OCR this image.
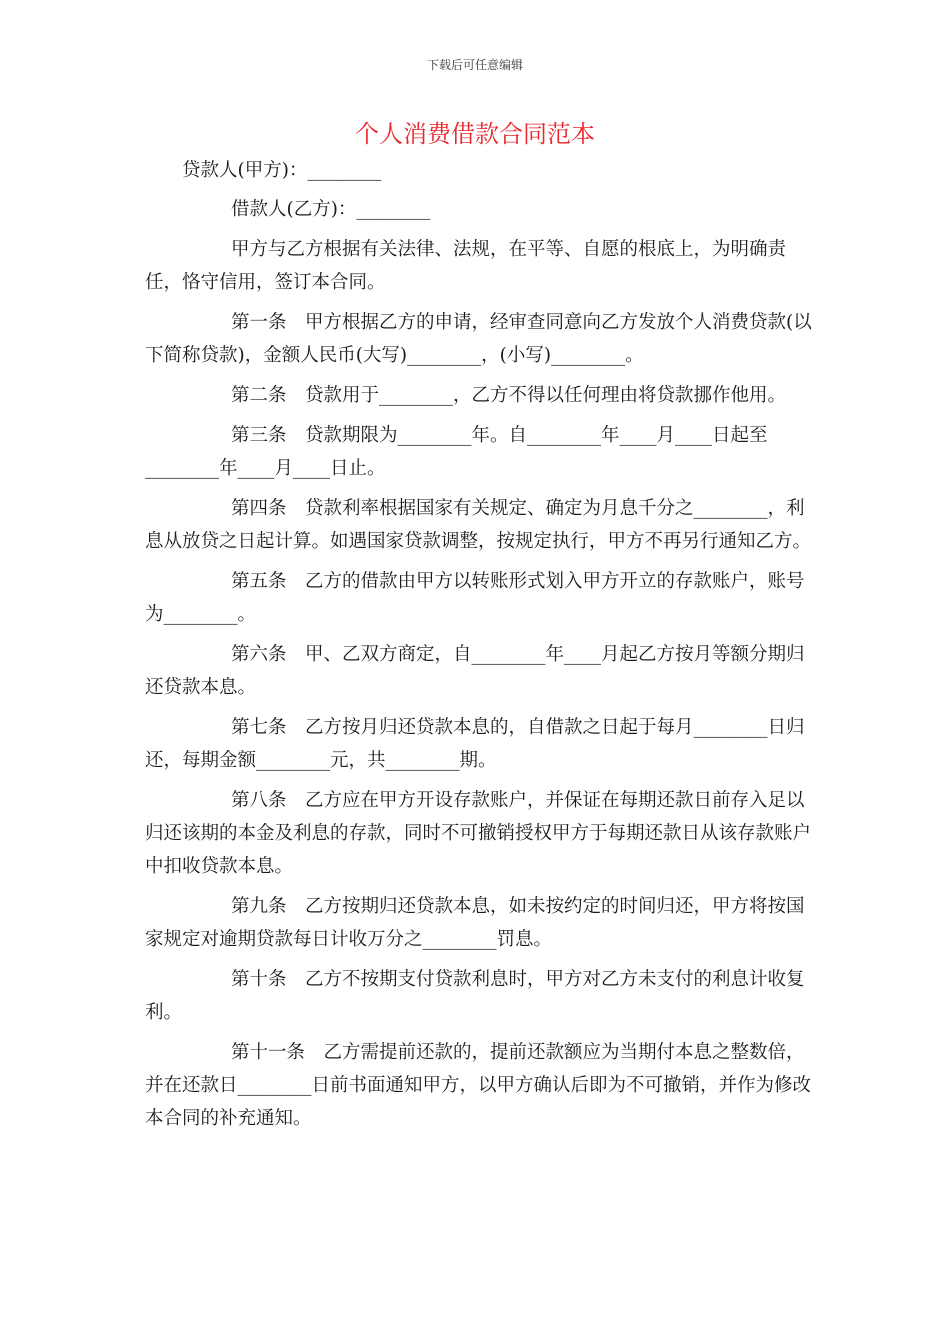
下载后可任意编辑
个人消费借款合同范本
贷款人(甲方)：________

借款人(乙方)：________

甲方与乙方根据有关法律、法规，在平等、自愿的根底上，为明确责任，恪守信用，签订本合同。

第一条　甲方根据乙方的申请，经审查同意向乙方发放个人消费贷款(以下简称贷款)，金额人民币(大写)________，(小写)________。

第二条　贷款用于________，乙方不得以任何理由将贷款挪作他用。

第三条　贷款期限为________年。自________年____月____日起至________年____月____日止。

第四条　贷款利率根据国家有关规定、确定为月息千分之________，利息从放贷之日起计算。如遇国家贷款调整，按规定执行，甲方不再另行通知乙方。

第五条　乙方的借款由甲方以转账形式划入甲方开立的存款账户，账号为________。

第六条　甲、乙双方商定，自________年____月起乙方按月等额分期归还贷款本息。

第七条　乙方按月归还贷款本息的，自借款之日起于每月________日归还，每期金额________元，共________期。

第八条　乙方应在甲方开设存款账户，并保证在每期还款日前存入足以归还该期的本金及利息的存款，同时不可撤销授权甲方于每期还款日从该存款账户中扣收贷款本息。

第九条　乙方按期归还贷款本息，如未按约定的时间归还，甲方将按国家规定对逾期贷款每日计收万分之________罚息。

第十条　乙方不按期支付贷款利息时，甲方对乙方未支付的利息计收复利。

第十一条　乙方需提前还款的，提前还款额应为当期付本息之整数倍，并在还款日________日前书面通知甲方，以甲方确认后即为不可撤销，并作为修改本合同的补充通知。
